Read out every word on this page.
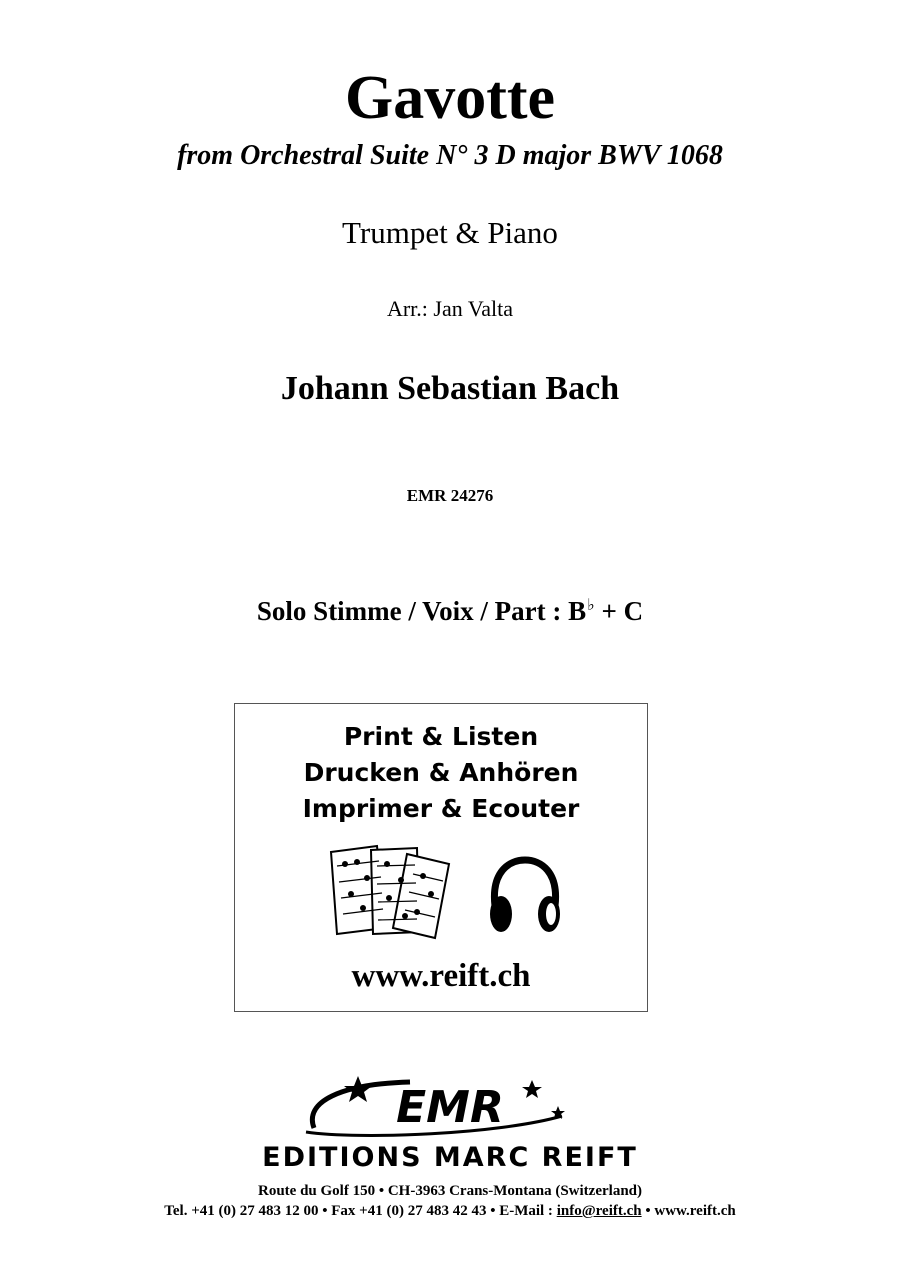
Gavotte
from Orchestral Suite N° 3 D major BWV 1068
Trumpet & Piano
Arr.: Jan Valta
Johann Sebastian Bach
EMR 24276
Solo Stimme / Voix / Part : B♭ + C
Print & Listen
Drucken & Anhören
Imprimer & Ecouter
www.reift.ch
EMR
EDITIONS MARC REIFT
Route du Golf 150 • CH-3963 Crans-Montana (Switzerland)
Tel. +41 (0) 27 483 12 00 • Fax +41 (0) 27 483 42 43 • E-Mail : info@reift.ch • www.reift.ch
